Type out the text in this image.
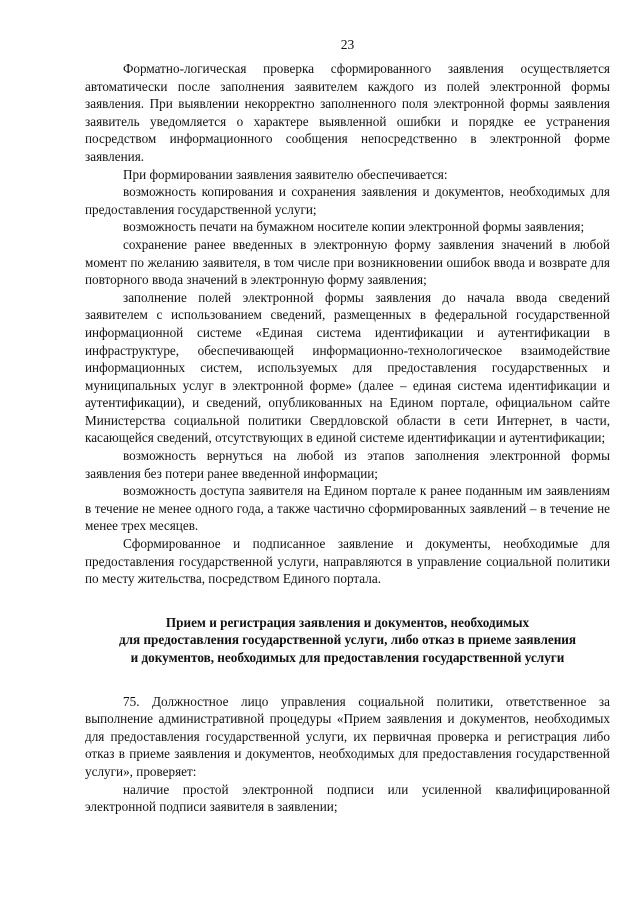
23

Форматно-логическая проверка сформированного заявления осуществляется автоматически после заполнения заявителем каждого из полей электронной формы заявления. При выявлении некорректно заполненного поля электронной формы заявления заявитель уведомляется о характере выявленной ошибки и порядке ее устранения посредством информационного сообщения непосредственно в электронной форме заявления.

При формировании заявления заявителю обеспечивается:

возможность копирования и сохранения заявления и документов, необходимых для предоставления государственной услуги;

возможность печати на бумажном носителе копии электронной формы заявления;

сохранение ранее введенных в электронную форму заявления значений в любой момент по желанию заявителя, в том числе при возникновении ошибок ввода и возврате для повторного ввода значений в электронную форму заявления;

заполнение полей электронной формы заявления до начала ввода сведений заявителем с использованием сведений, размещенных в федеральной государственной информационной системе «Единая система идентификации и аутентификации в инфраструктуре, обеспечивающей информационно-технологическое взаимодействие информационных систем, используемых для предоставления государственных и муниципальных услуг в электронной форме» (далее – единая система идентификации и аутентификации), и сведений, опубликованных на Едином портале, официальном сайте Министерства социальной политики Свердловской области в сети Интернет, в части, касающейся сведений, отсутствующих в единой системе идентификации и аутентификации;

возможность вернуться на любой из этапов заполнения электронной формы заявления без потери ранее введенной информации;

возможность доступа заявителя на Едином портале к ранее поданным им заявлениям в течение не менее одного года, а также частично сформированных заявлений – в течение не менее трех месяцев.

Сформированное и подписанное заявление и документы, необходимые для предоставления государственной услуги, направляются в управление социальной политики по месту жительства, посредством Единого портала.

Прием и регистрация заявления и документов, необходимых
для предоставления государственной услуги, либо отказ в приеме заявления
и документов, необходимых для предоставления государственной услуги

75. Должностное лицо управления социальной политики, ответственное за выполнение административной процедуры «Прием заявления и документов, необходимых для предоставления государственной услуги, их первичная проверка и регистрация либо отказ в приеме заявления и документов, необходимых для предоставления государственной услуги», проверяет:

наличие простой электронной подписи или усиленной квалифицированной электронной подписи заявителя в заявлении;
